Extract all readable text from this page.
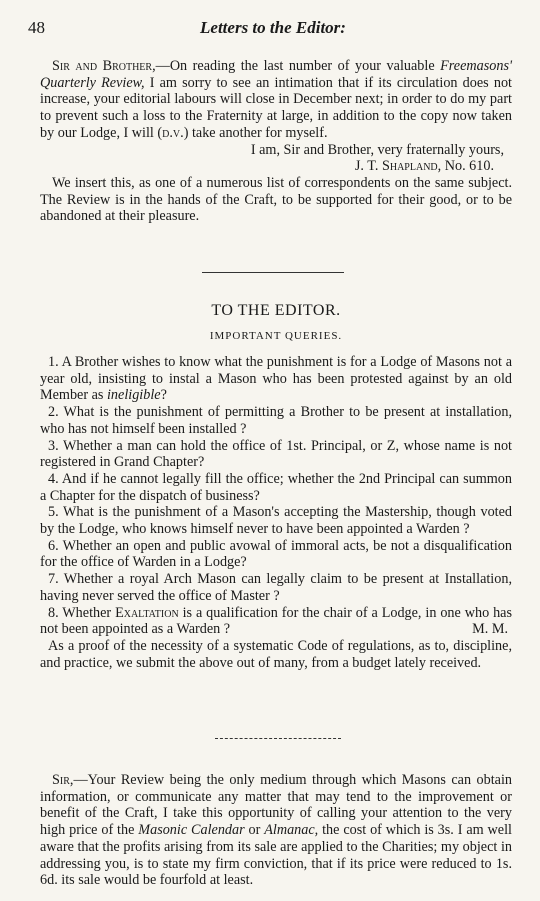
48	Letters to the Editor:

Sir and Brother,—On reading the last number of your valuable Freemasons' Quarterly Review, I am sorry to see an intimation that if its circulation does not increase, your editorial labours will close in December next; in order to do my part to prevent such a loss to the Fraternity at large, in addition to the copy now taken by our Lodge, I will (d.v.) take another for myself.

I am, Sir and Brother, very fraternally yours,
J. T. Shapland, No. 610.

We insert this, as one of a numerous list of correspondents on the same subject. The Review is in the hands of the Craft, to be supported for their good, or to be abandoned at their pleasure.

TO THE EDITOR.
IMPORTANT QUERIES.

1. A Brother wishes to know what the punishment is for a Lodge of Masons not a year old, insisting to instal a Mason who has been protested against by an old Member as ineligible?

2. What is the punishment of permitting a Brother to be present at installation, who has not himself been installed ?

3. Whether a man can hold the office of 1st. Principal, or Z, whose name is not registered in Grand Chapter?

4. And if he cannot legally fill the office; whether the 2nd Principal can summon a Chapter for the dispatch of business?

5. What is the punishment of a Mason's accepting the Mastership, though voted by the Lodge, who knows himself never to have been appointed a Warden ?

6. Whether an open and public avowal of immoral acts, be not a disqualification for the office of Warden in a Lodge?

7. Whether a royal Arch Mason can legally claim to be present at Installation, having never served the office of Master ?

8. Whether Exaltation is a qualification for the chair of a Lodge, in one who has not been appointed as a Warden ?	M. M.

As a proof of the necessity of a systematic Code of regulations, as to, discipline, and practice, we submit the above out of many, from a budget lately received.

Sir,—Your Review being the only medium through which Masons can obtain information, or communicate any matter that may tend to the improvement or benefit of the Craft, I take this opportunity of calling your attention to the very high price of the Masonic Calendar or Almanac, the cost of which is 3s. I am well aware that the profits arising from its sale are applied to the Charities; my object in addressing you, is to state my firm conviction, that if its price were reduced to 1s. 6d. its sale would be fourfold at least.
